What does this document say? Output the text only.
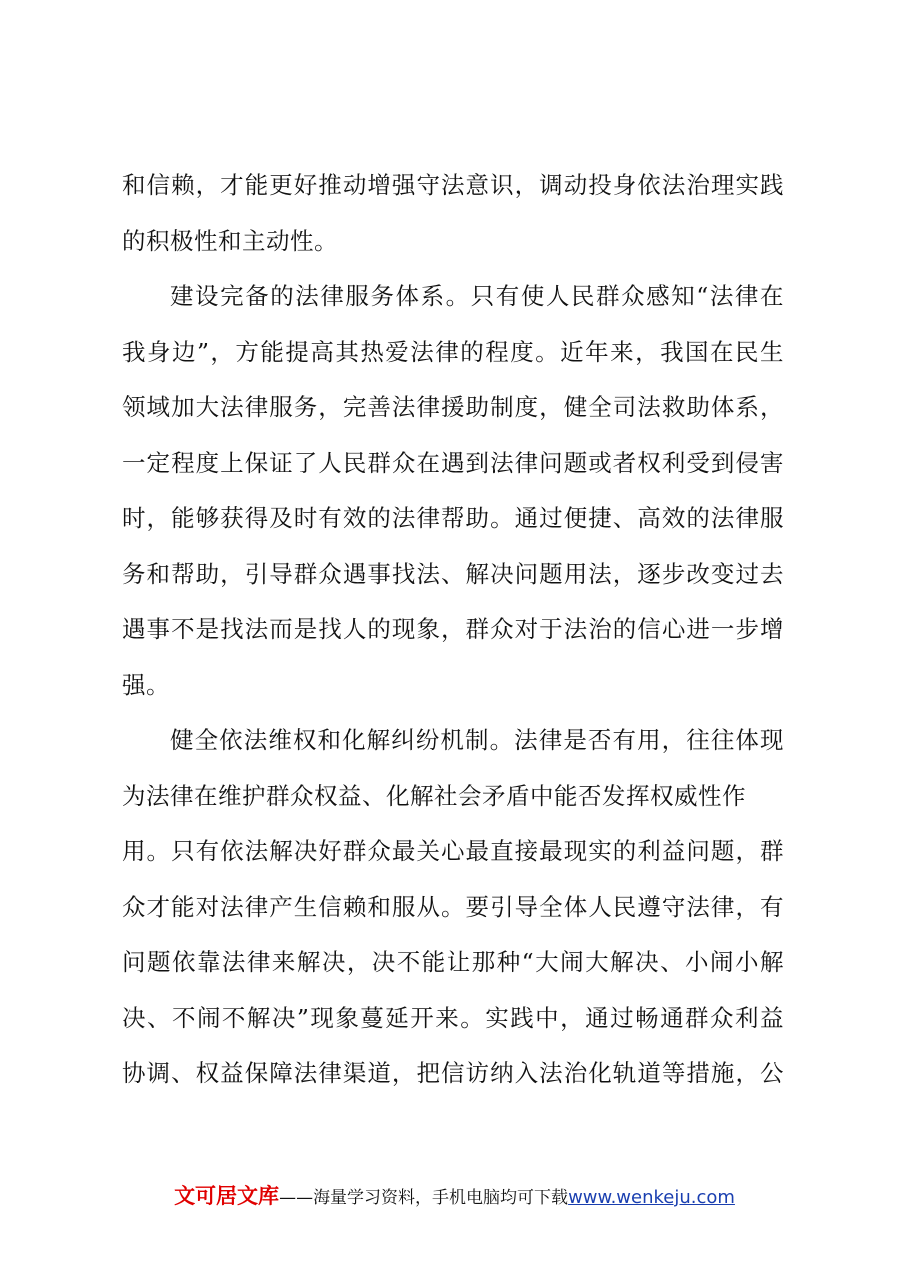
和信赖，才能更好推动增强守法意识，调动投身依法治理实践
的积极性和主动性。
建设完备的法律服务体系。只有使人民群众感知“法律在
我身边”，方能提高其热爱法律的程度。近年来，我国在民生
领域加大法律服务，完善法律援助制度，健全司法救助体系，
一定程度上保证了人民群众在遇到法律问题或者权利受到侵害
时，能够获得及时有效的法律帮助。通过便捷、高效的法律服
务和帮助，引导群众遇事找法、解决问题用法，逐步改变过去
遇事不是找法而是找人的现象，群众对于法治的信心进一步增
强。
健全依法维权和化解纠纷机制。法律是否有用，往往体现
为法律在维护群众权益、化解社会矛盾中能否发挥权威性作
用。只有依法解决好群众最关心最直接最现实的利益问题，群
众才能对法律产生信赖和服从。要引导全体人民遵守法律，有
问题依靠法律来解决，决不能让那种“大闹大解决、小闹小解
决、不闹不解决”现象蔓延开来。实践中，通过畅通群众利益
协调、权益保障法律渠道，把信访纳入法治化轨道等措施，公
文可居文库——海量学习资料，手机电脑均可下载www.wenkeju.com
